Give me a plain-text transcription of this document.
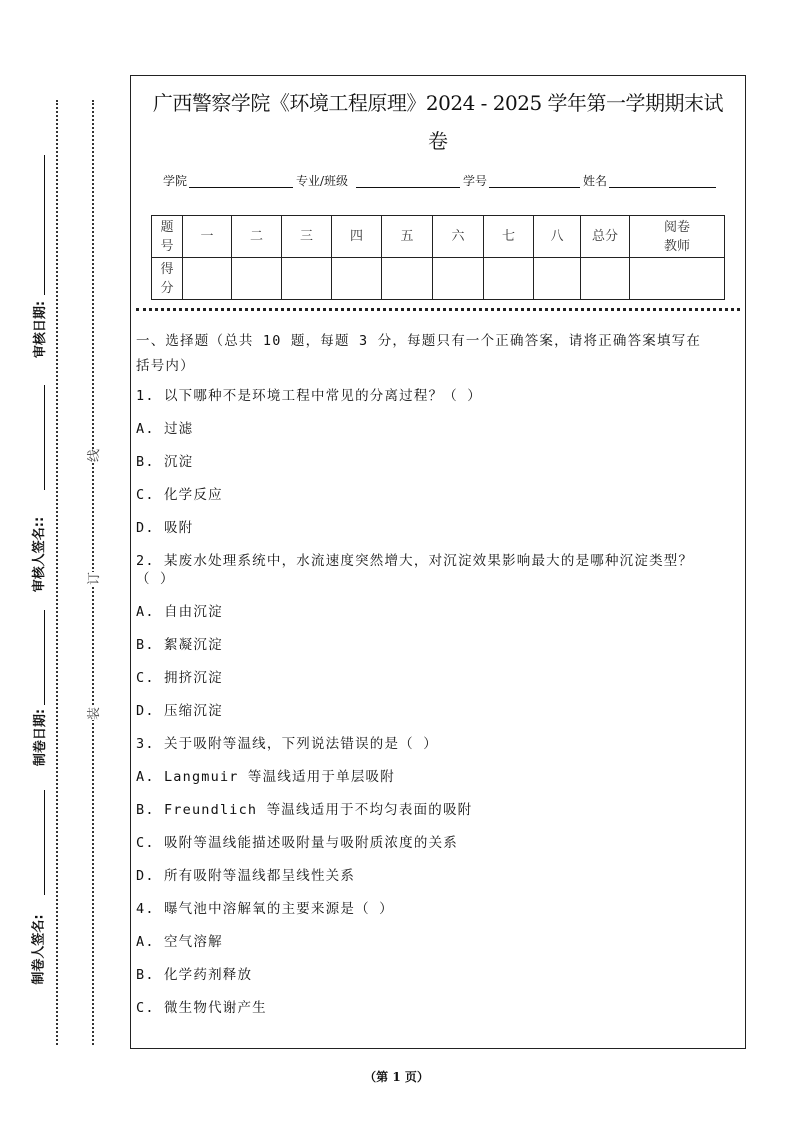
审核日期:
审核人签名::
制卷日期:
制卷人签名:
装
订
线
广西警察学院《环境工程原理》2024 - 2025 学年第一学期期末试
卷
学院	专业/班级	学号	姓名
题号	一	二	三	四	五	六	七	八	总分	阅卷教师
得分										
一、选择题（总共 10 题，每题 3 分，每题只有一个正确答案，请将正确答案填写在
括号内）
1. 以下哪种不是环境工程中常见的分离过程？（ ）
A. 过滤
B. 沉淀
C. 化学反应
D. 吸附
2. 某废水处理系统中，水流速度突然增大，对沉淀效果影响最大的是哪种沉淀类型？
（ ）
A. 自由沉淀
B. 絮凝沉淀
C. 拥挤沉淀
D. 压缩沉淀
3. 关于吸附等温线，下列说法错误的是（ ）
A. Langmuir 等温线适用于单层吸附
B. Freundlich 等温线适用于不均匀表面的吸附
C. 吸附等温线能描述吸附量与吸附质浓度的关系
D. 所有吸附等温线都呈线性关系
4. 曝气池中溶解氧的主要来源是（ ）
A. 空气溶解
B. 化学药剂释放
C. 微生物代谢产生
（第 1 页）
